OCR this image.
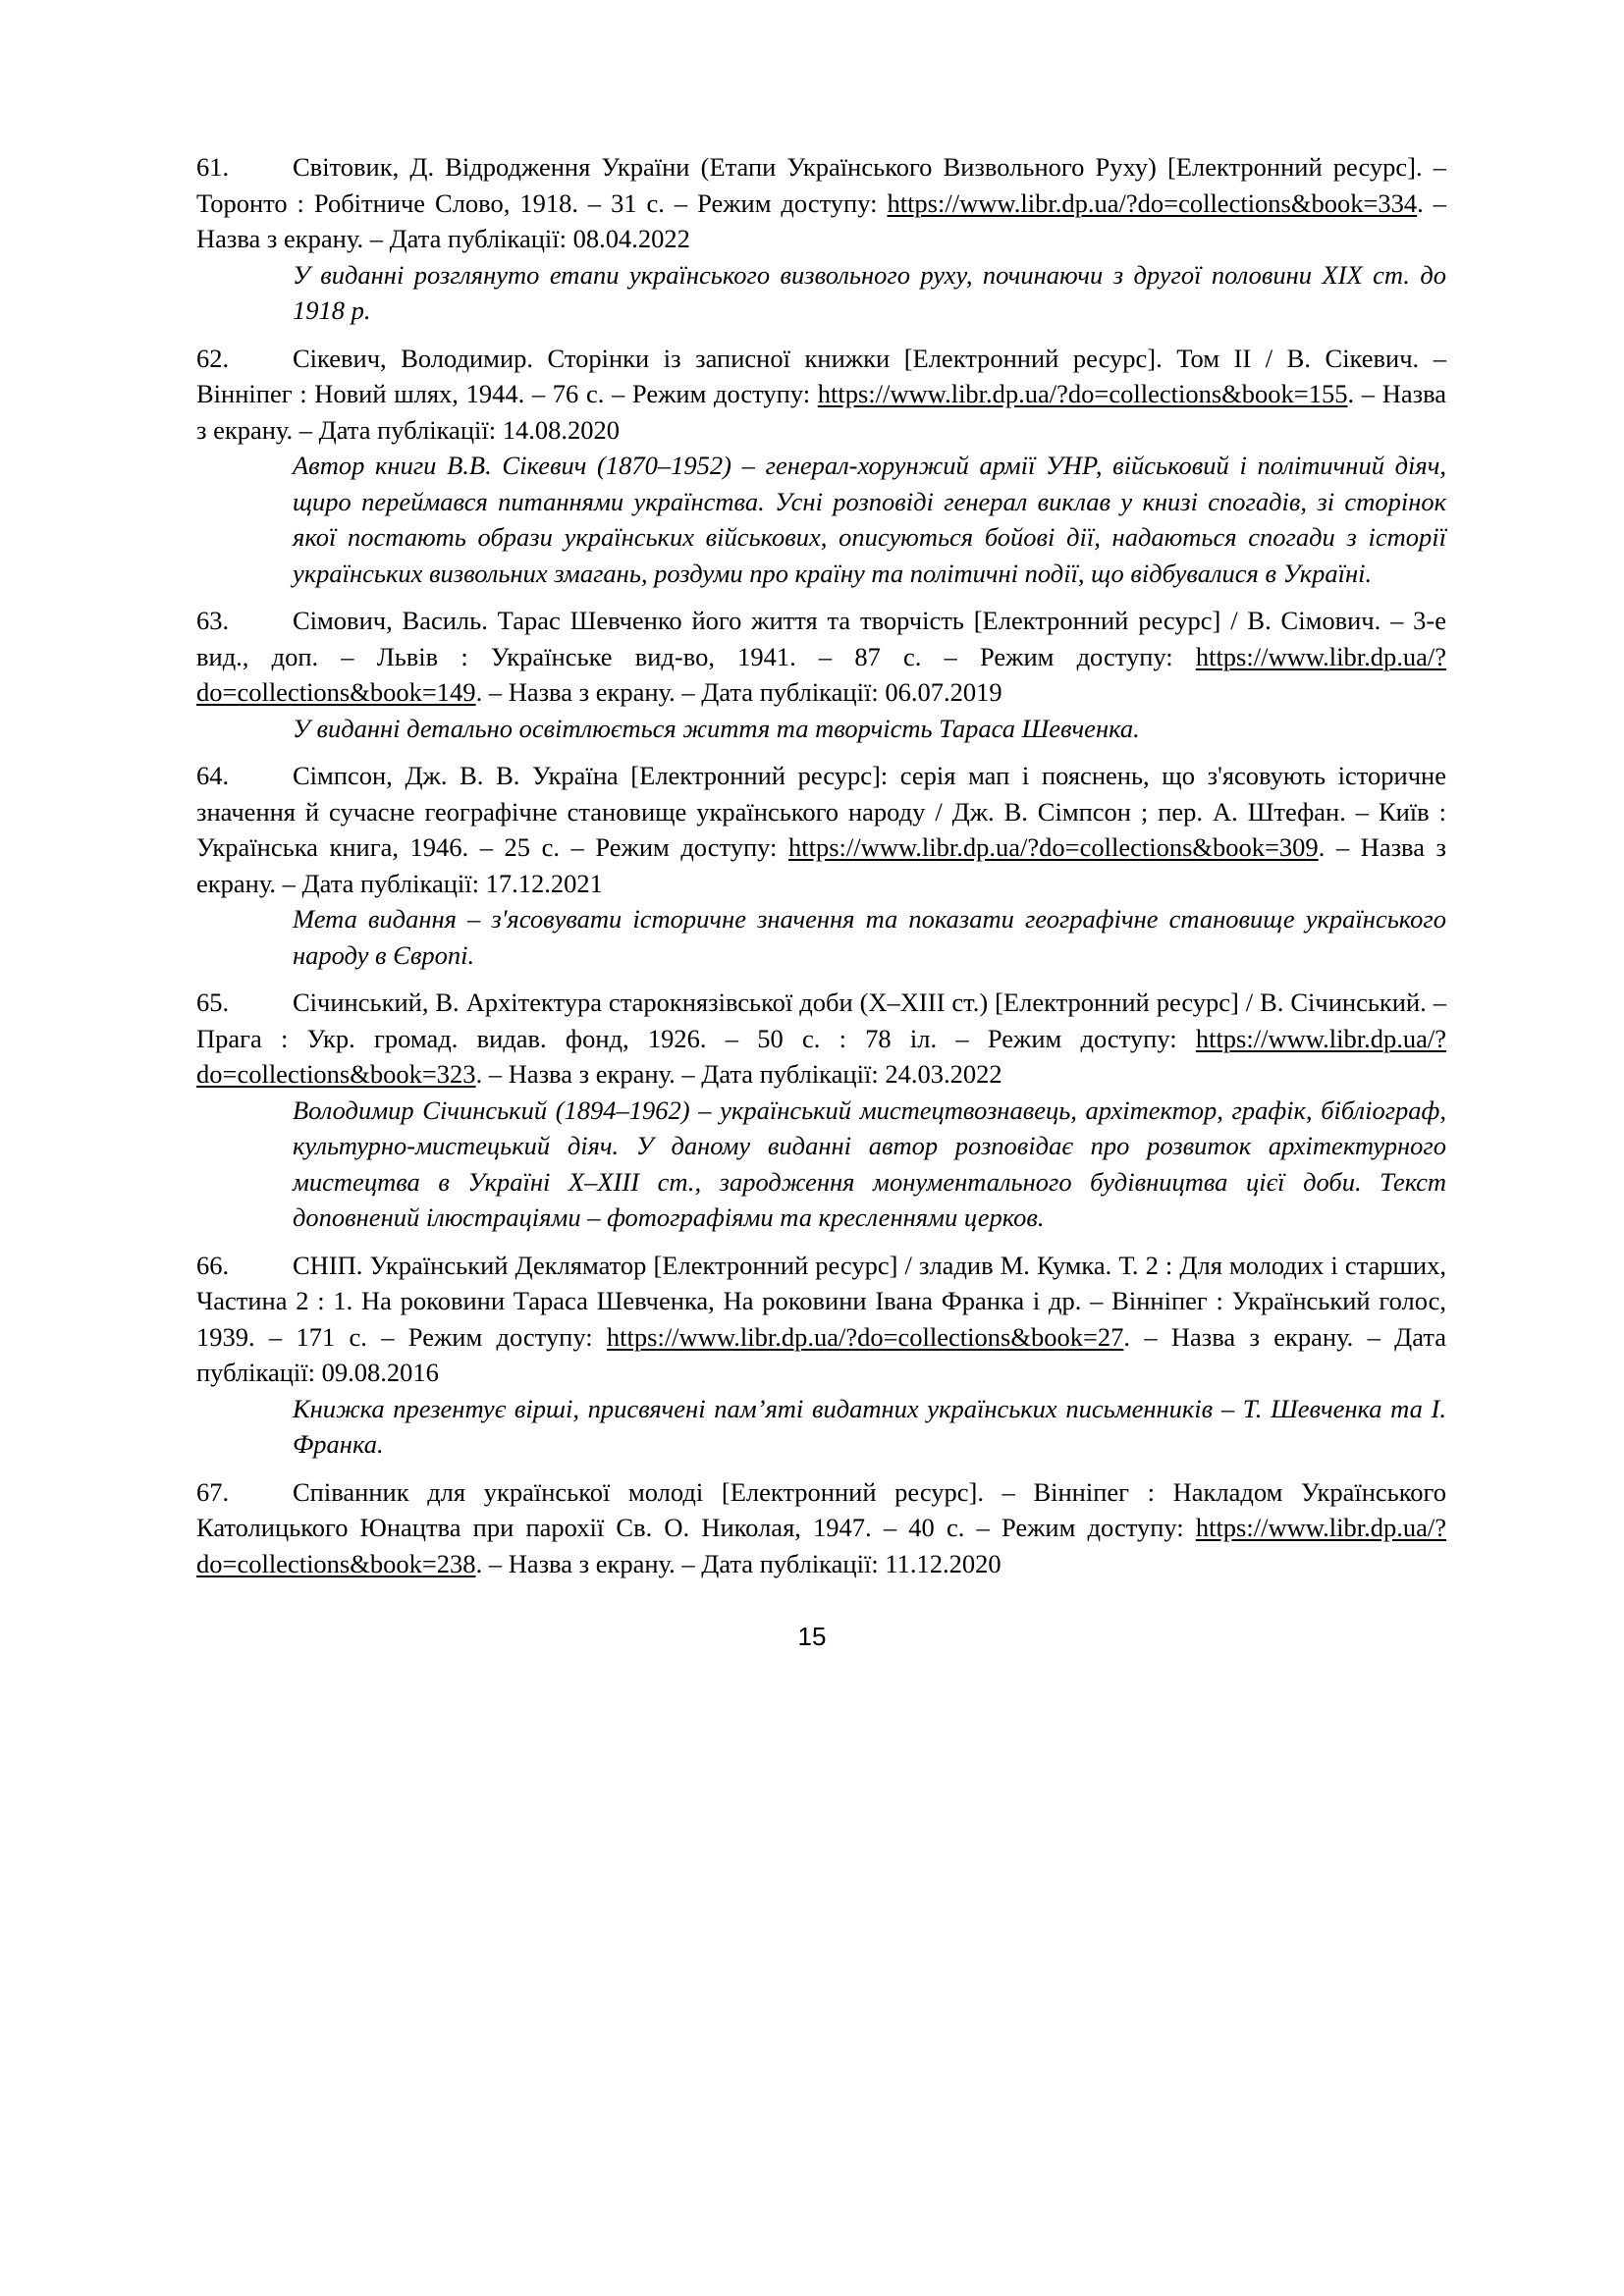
61. Світовик, Д. Відродження України (Етапи Українського Визвольного Руху) [Електронний ресурс]. – Торонто : Робітниче Слово, 1918. – 31 с. – Режим доступу: https://www.libr.dp.ua/?do=collections&book=334. – Назва з екрану. – Дата публікації: 08.04.2022
У виданні розглянуто етапи українського визвольного руху, починаючи з другої половини XIX ст. до 1918 р.
62. Сікевич, Володимир. Сторінки із записної книжки [Електронний ресурс]. Том II / В. Сікевич. – Вінніпег : Новий шлях, 1944. – 76 с. – Режим доступу: https://www.libr.dp.ua/?do=collections&book=155. – Назва з екрану. – Дата публікації: 14.08.2020
Автор книги В.В. Сікевич (1870–1952) – генерал-хорунжий армії УНР, військовий і політичний діяч, щиро переймався питаннями українства. Усні розповіді генерал виклав у книзі спогадів, зі сторінок якої постають образи українських військових, описуються бойові дії, надаються спогади з історії українських визвольних змагань, роздуми про країну та політичні події, що відбувалися в Україні.
63. Сімович, Василь. Тарас Шевченко його життя та творчість [Електронний ресурс] / В. Сімович. – 3-е вид., доп. – Львів : Українське вид-во, 1941. – 87 с. – Режим доступу: https://www.libr.dp.ua/?do=collections&book=149. – Назва з екрану. – Дата публікації: 06.07.2019
У виданні детально освітлюється життя та творчість Тараса Шевченка.
64. Сімпсон, Дж. В. В. Україна [Електронний ресурс]: серія мап і пояснень, що з'ясовують історичне значення й сучасне географічне становище українського народу / Дж. В. Сімпсон ; пер. А. Штефан. – Київ : Українська книга, 1946. – 25 с. – Режим доступу: https://www.libr.dp.ua/?do=collections&book=309. – Назва з екрану. – Дата публікації: 17.12.2021
Мета видання – з'ясовувати історичне значення та показати географічне становище українського народу в Європі.
65. Січинський, В. Архітектура старокнязівської доби (X–XIII ст.) [Електронний ресурс] / В. Січинський. – Прага : Укр. громад. видав. фонд, 1926. – 50 с. : 78 іл. – Режим доступу: https://www.libr.dp.ua/?do=collections&book=323. – Назва з екрану. – Дата публікації: 24.03.2022
Володимир Січинський (1894–1962) – український мистецтвознавець, архітектор, графік, бібліограф, культурно-мистецький діяч. У даному виданні автор розповідає про розвиток архітектурного мистецтва в Україні X–XIII ст., зародження монументального будівництва цієї доби. Текст доповнений ілюстраціями – фотографіями та кресленнями церков.
66. СНІП. Український Декляматор [Електронний ресурс] / зладив М. Кумка. Т. 2 : Для молодих і старших, Частина 2 : 1. На роковини Тараса Шевченка, На роковини Івана Франка і др. – Вінніпег : Український голос, 1939. – 171 с. – Режим доступу: https://www.libr.dp.ua/?do=collections&book=27. – Назва з екрану. – Дата публікації: 09.08.2016
Книжка презентує вірші, присвячені пам’яті видатних українських письменників – Т. Шевченка та І. Франка.
67. Співанник для української молоді [Електронний ресурс]. – Вінніпег : Накладом Українського Католицького Юнацтва при парохії Св. О. Николая, 1947. – 40 с. – Режим доступу: https://www.libr.dp.ua/?do=collections&book=238. – Назва з екрану. – Дата публікації: 11.12.2020
15
